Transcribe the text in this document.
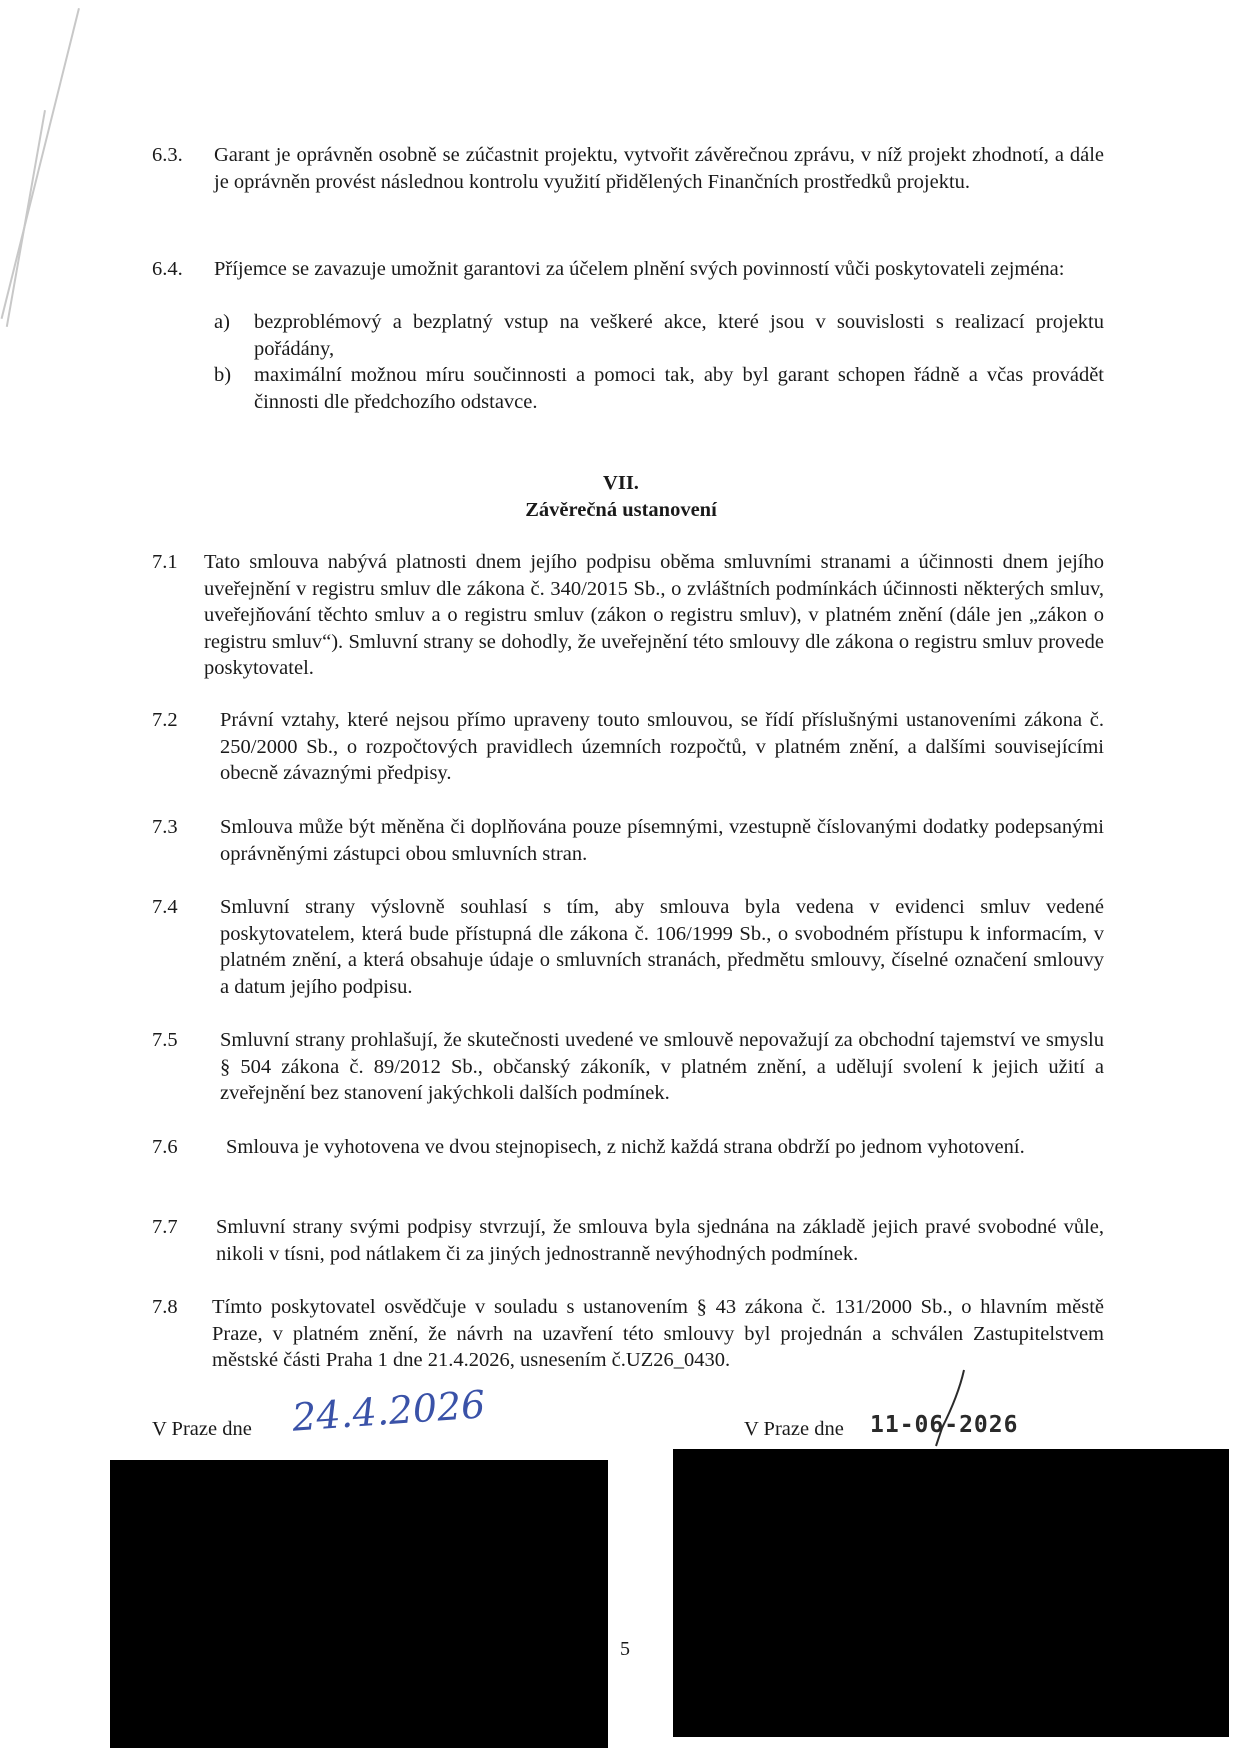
6.3. Garant je oprávněn osobně se zúčastnit projektu, vytvořit závěrečnou zprávu, v níž projekt zhodnotí, a dále je oprávněn provést následnou kontrolu využití přidělených Finančních prostředků projektu.
6.4. Příjemce se zavazuje umožnit garantovi za účelem plnění svých povinností vůči poskytovateli zejména:
a) bezproblémový a bezplatný vstup na veškeré akce, které jsou v souvislosti s realizací projektu pořádány,
b) maximální možnou míru součinnosti a pomoci tak, aby byl garant schopen řádně a včas provádět činnosti dle předchozího odstavce.
VII.
Závěrečná ustanovení
7.1 Tato smlouva nabývá platnosti dnem jejího podpisu oběma smluvními stranami a účinnosti dnem jejího uveřejnění v registru smluv dle zákona č. 340/2015 Sb., o zvláštních podmínkách účinnosti některých smluv, uveřejňování těchto smluv a o registru smluv (zákon o registru smluv), v platném znění (dále jen „zákon o registru smluv“). Smluvní strany se dohodly, že uveřejnění této smlouvy dle zákona o registru smluv provede poskytovatel.
7.2 Právní vztahy, které nejsou přímo upraveny touto smlouvou, se řídí příslušnými ustanoveními zákona č. 250/2000 Sb., o rozpočtových pravidlech územních rozpočtů, v platném znění, a dalšími souvisejícími obecně závaznými předpisy.
7.3 Smlouva může být měněna či doplňována pouze písemnými, vzestupně číslovanými dodatky podepsanými oprávněnými zástupci obou smluvních stran.
7.4 Smluvní strany výslovně souhlasí s tím, aby smlouva byla vedena v evidenci smluv vedené poskytovatelem, která bude přístupná dle zákona č. 106/1999 Sb., o svobodném přístupu k informacím, v platném znění, a která obsahuje údaje o smluvních stranách, předmětu smlouvy, číselné označení smlouvy a datum jejího podpisu.
7.5 Smluvní strany prohlašují, že skutečnosti uvedené ve smlouvě nepovažují za obchodní tajemství ve smyslu § 504 zákona č. 89/2012 Sb., občanský zákoník, v platném znění, a udělují svolení k jejich užití a zveřejnění bez stanovení jakýchkoli dalších podmínek.
7.6 Smlouva je vyhotovena ve dvou stejnopisech, z nichž každá strana obdrží po jednom vyhotovení.
7.7 Smluvní strany svými podpisy stvrzují, že smlouva byla sjednána na základě jejich pravé svobodné vůle, nikoli v tísni, pod nátlakem či za jiných jednostranně nevýhodných podmínek.
7.8 Tímto poskytovatel osvědčuje v souladu s ustanovením § 43 zákona č. 131/2000 Sb., o hlavním městě Praze, v platném znění, že návrh na uzavření této smlouvy byl projednán a schválen Zastupitelstvem městské části Praha 1 dne 21.4.2026, usnesením č.UZ26_0430.
V Praze dne 24.4.2026	V Praze dne 11-06-2026
5
